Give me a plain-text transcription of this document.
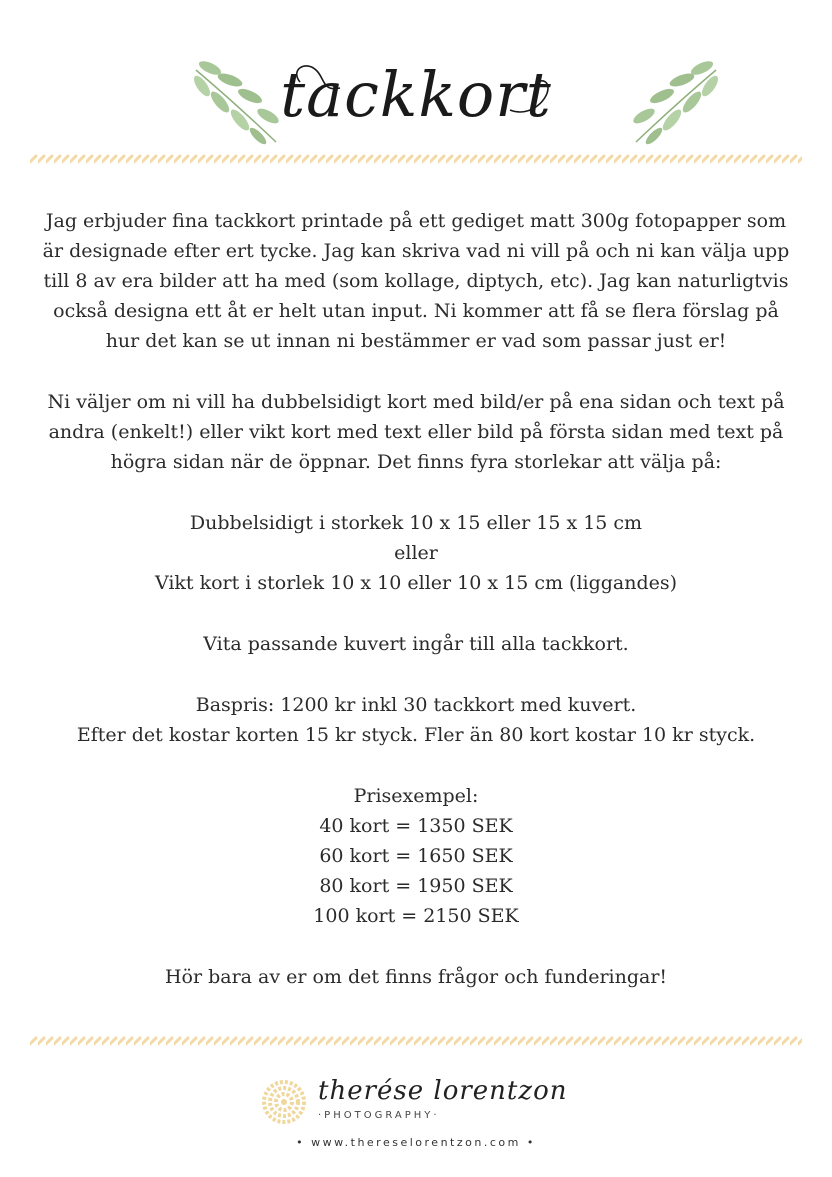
tackkort

Jag erbjuder fina tackkort printade på ett gediget matt 300g fotopapper som

är designade efter ert tycke. Jag kan skriva vad ni vill på och ni kan välja upp

till 8 av era bilder att ha med (som kollage, diptych, etc). Jag kan naturligtvis

också designa ett åt er helt utan input. Ni kommer att få se flera förslag på

hur det kan se ut innan ni bestämmer er vad som passar just er!

Ni väljer om ni vill ha dubbelsidigt kort med bild/er på ena sidan och text på

andra (enkelt!) eller vikt kort med text eller bild på första sidan med text på

högra sidan när de öppnar. Det finns fyra storlekar att välja på:

Dubbelsidigt i storkek 10 x 15 eller 15 x 15 cm

eller

Vikt kort i storlek 10 x 10 eller 10 x 15 cm (liggandes)

Vita passande kuvert ingår till alla tackkort.

Baspris: 1200 kr inkl 30 tackkort med kuvert.

Efter det kostar korten 15 kr styck. Fler än 80 kort kostar 10 kr styck.

Prisexempel:

40 kort = 1350 SEK

60 kort = 1650 SEK

80 kort = 1950 SEK

100 kort = 2150 SEK

Hör bara av er om det finns frågor och funderingar!

therése lorentzon
·PHOTOGRAPHY·
• www.thereselorentzon.com •
